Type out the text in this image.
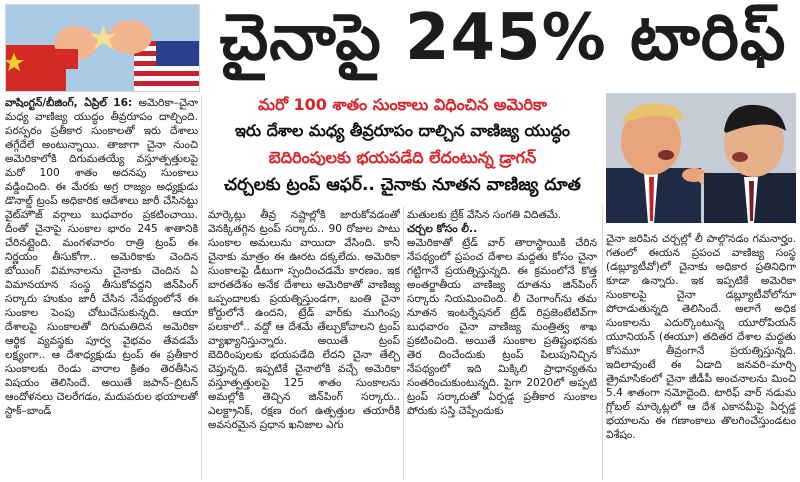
చైనాపై 245% టారిఫ్
మరో 100 శాతం సుంకాలు విధించిన అమెరికా
ఇరు దేశాల మధ్య తీవ్రరూపం దాల్చిన వాణిజ్య యుద్ధం
బెదిరింపులకు భయపడేది లేదంటున్న డ్రాగన్
చర్చలకు ట్రంప్ ఆఫర్.. చైనాకు నూతన వాణిజ్య దూత

వాషింగ్టన్/బీజింగ్, ఏప్రిల్ 16: అమెరికా–చైనా మధ్య వాణిజ్య యుద్ధం తీవ్రరూపం దాల్చింది. పరస్పరం ప్రతీకార సుంకాలతో ఇరు దేశాలు తగ్గేదేలే అంటున్నాయి. తాజాగా చైనా నుంచి అమెరికాలోకి దిగుమతయ్యే వస్తూత్పత్తులపై మరో 100 శాతం అదనపు సుంకాలు వడ్డించింది. ఈ మేరకు అగ్ర రాజ్యం అధ్యక్షుడు డొనాల్డ్ ట్రంప్ అధికారిక ఆదేశాలు జారీ చేసినట్టు వైట్‌హౌజ్ వర్గాలు బుధవారం ప్రకటించాయి. దీంతో చైనాపై సుంకాల భారం 245 శాతానికి చేరినట్లైంది. మంగళవారం రాత్రి ట్రంప్ ఈ నిర్ణయం తీసుకోగా.. అమెరికాకు చెందిన బోయింగ్ విమానాలను చైనాకు చెందిన ఏ విమానయాన సంస్థ తీసుకోవద్దని జిన్‌పింగ్ సర్కారు హుకుం జారీ చేసిన నేపథ్యంలోనే ఈ సుంకాల పెంపు చోటుచేసుకున్నది. ఆయా దేశాలపై సుంకాలతో దిగుమతిదిన అమెరికా ఆర్థిక వ్యవస్థకు పూర్వ వైభవం తేవడమే లక్ష్యంగా.. ఆ దేశాధ్యక్షుడు ట్రంప్ ఈ ప్రతీకార సుంకాలకు రెండు వారాల క్రితం తెరతీసిన విషయం తెలిసిందే. అయితే జపాన్–బ్రిటన్ ఆందోళనలు చెలరేగడం, మదుపరుల భయాలతో స్టాక్–బాండ్

మార్కెట్లు తీవ్ర నష్టాల్లోకి జారుకోవడంతో వెనక్కితగ్గిన ట్రంప్ సర్కారు.. 90 రోజుల పాటు సుంకాల అమలును వాయిదా వేసింది. కానీ చైనాకు మాత్రం ఈ ఊరట దక్కలేదు. అమెరికా సుంకాలపై డీటుగా స్పందించడమే కారణం. ఇక బారతదేశం అనేక దేశాలు అమెరికాతో వాణిజ్య ఒప్పందాలకు ప్రయత్నిస్తుండగా, బంతి చైనా కోర్టులోనే ఉందని, ట్రేడ్ వార్‌కు ముగింపు పలకాలో.. వద్దో ఆ దేశమే తేల్చుకోవాలని ట్రంప్ వ్యాఖ్యానిస్తున్నారు. అయితే ట్రంప్ బెదిరింపులకు భయపడేది లేదని చైనా తేల్చి చెప్తున్నది. ఇప్పటికే చైనాలోకి వచ్చే అమెరికా వస్తూత్పత్తులపై 125 శాతం సుంకాలను అమల్లోకి తెచ్చిన జిన్‌పింగ్ సర్కారు.. ఎలక్ట్రానిక్, రక్షణ రంగ ఉత్పత్తుల తయారీకి అవసరమైన ప్రధాన ఖనిజాల ఎగు

మతులకు బ్రేక్ వేసిన సంగతి విదితమే.

చర్చల కోసం లీ..

అమెరికాతో ట్రేడ్ వార్ తారాస్థాయికి చేరిన నేపథ్యంలో ప్రపంచ దేశాల మద్దతు కోసం చైనా గట్టిగానే ప్రయత్నిస్తున్నది. ఈ క్రమంలోనే కొత్త అంతర్జాతీయ వాణిజ్య దూతను జిన్‌పింగ్ సర్కారు నియమించింది. లీ చెంగాంగ్‌ను తమ నూతన ఇంటర్నేషనల్ ట్రేడ్ రిప్రజెంటేటివ్‌గా బుధవారం చైనా వాణిజ్య మంత్రిత్వ శాఖ ప్రకటించింది. అయితే సుంకాల ప్రతిష్టంభనకు తెర దించేందుకు ట్రంప్ పిలుపునిచ్చిన నేపథ్యంలో ఇది మిక్కిలి ప్రాధాన్యతను సంతరించుకుంటున్నది. పైగా 2020లో అప్పటి ట్రంప్ సర్కారుతో ఏర్పడ్డ ప్రతీకార సుంకాల పోరుకు సస్తి చెప్పేందుకు

చైనా జరిపిన చర్చల్లో లీ పాల్గొనడం గమనార్హం. గతంలో ఈయన ప్రపంచ వాణిజ్య సంస్థ (డబ్ల్యూటీవో)లో చైనాకు అధికార ప్రతినిధిగా కూడా ఉన్నారు. ఇక ఇప్పటికే అమెరికా సుంకాలపై చైనా డబ్ల్యూటీవోలోనూ పోరాడుతున్నది తెలిసిందే. అలాగే అధిక సుంకాలను ఎదుర్కొంటున్న యూరోపియన్ యూనియన్ (ఈయూ) తదితర దేశాల మద్దతు కోసమూ తీవ్రంగానే ప్రయత్నిస్తున్నది. ఇదిలావుంటే ఈ ఏడాది జనవరి–మార్చి త్రైమాసికంలో చైనా జీడీపీ అంచనాలను మించి 5.4 శాతంగా నమోదైంది. టారిఫ్ వార్ నడుమ గ్లోబల్ మార్కెట్లలో ఆ దేశ ఎకానమీపై ఏర్పడ్డ భయాలను ఈ గణాంకాలు తొలగించేస్తుండటం విశేషం.
